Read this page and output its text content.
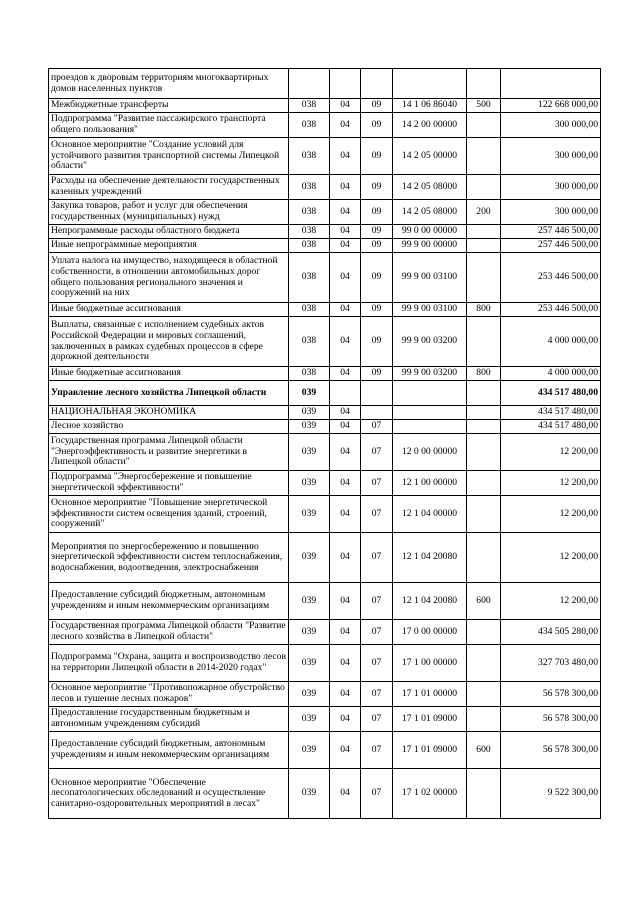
проездов к дворовым территориям многоквартирных домов населенных пунктов						
Межбюджетные трансферты	038	04	09	14 1 06 86040	500	122 668 000,00
Подпрограмма "Развитие пассажирского транспорта общего пользования"	038	04	09	14 2 00 00000		300 000,00
Основное мероприятие "Создание условий для устойчивого развития транспортной системы Липецкой области"	038	04	09	14 2 05 00000		300 000,00
Расходы на обеспечение деятельности государственных казенных учреждений	038	04	09	14 2 05 08000		300 000,00
Закупка товаров, работ и услуг для обеспечения государственных (муниципальных) нужд	038	04	09	14 2 05 08000	200	300 000,00
Непрограммные расходы областного бюджета	038	04	09	99 0 00 00000		257 446 500,00
Иные непрограммные мероприятия	038	04	09	99 9 00 00000		257 446 500,00
Уплата налога на имущество, находящееся в областной собственности, в отношении автомобильных дорог общего пользования регионального значения и сооружений на них	038	04	09	99 9 00 03100		253 446 500,00
Иные бюджетные ассигнования	038	04	09	99 9 00 03100	800	253 446 500,00
Выплаты, связанные с исполнением судебных актов Российской Федерации и мировых соглашений, заключенных в рамках судебных процессов в сфере дорожной деятельности	038	04	09	99 9 00 03200		4 000 000,00
Иные бюджетные ассигнования	038	04	09	99 9 00 03200	800	4 000 000,00
Управление лесного хозяйства Липецкой области	039					434 517 480,00
НАЦИОНАЛЬНАЯ ЭКОНОМИКА	039	04				434 517 480,00
Лесное хозяйство	039	04	07			434 517 480,00
Государственная программа Липецкой области "Энергоэффективность и развитие энергетики в Липецкой области"	039	04	07	12 0 00 00000		12 200,00
Подпрограмма "Энергосбережение и повышение энергетической эффективности"	039	04	07	12 1 00 00000		12 200,00
Основное мероприятие "Повышение энергетической эффективности систем освещения зданий, строений, сооружений"	039	04	07	12 1 04 00000		12 200,00
Мероприятия по энергосбережению и повышению энергетической эффективности систем теплоснабжения, водоснабжения, водоотведения, электроснабжения	039	04	07	12 1 04 20080		12 200,00
Предоставление субсидий бюджетным, автономным учреждениям и иным некоммерческим организациям	039	04	07	12 1 04 20080	600	12 200,00
Государственная программа Липецкой области "Развитие лесного хозяйства в Липецкой области"	039	04	07	17 0 00 00000		434 505 280,00
Подпрограмма "Охрана, защита и воспроизводство лесов на территории Липецкой области в 2014-2020 годах"	039	04	07	17 1 00 00000		327 703 480,00
Основное мероприятие "Противопожарное обустройство лесов и тушение лесных пожаров"	039	04	07	17 1 01 00000		56 578 300,00
Предоставление государственным бюджетным и автономным учреждениям субсидий	039	04	07	17 1 01 09000		56 578 300,00
Предоставление субсидий бюджетным, автономным учреждениям и иным некоммерческим организациям	039	04	07	17 1 01 09000	600	56 578 300,00
Основное мероприятие "Обеспечение лесопатологических обследований и осуществление санитарно-оздоровительных мероприятий в лесах"	039	04	07	17 1 02 00000		9 522 300,00
